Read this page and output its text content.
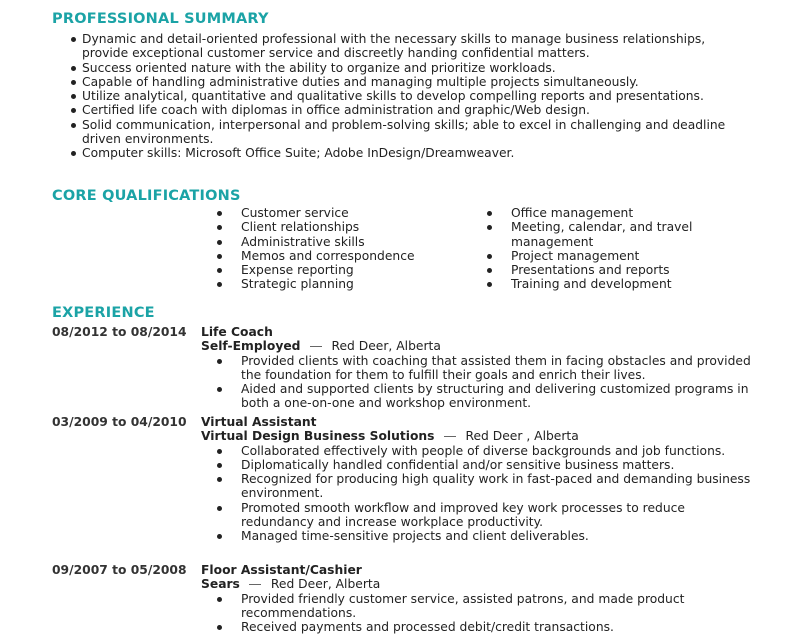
PROFESSIONAL SUMMARY
Dynamic and detail-oriented professional with the necessary skills to manage business relationships, provide exceptional customer service and discreetly handing confidential matters.
Success oriented nature with the ability to organize and prioritize workloads.
Capable of handling administrative duties and managing multiple projects simultaneously.
Utilize analytical, quantitative and qualitative skills to develop compelling reports and presentations.
Certified life coach with diplomas in office administration and graphic/Web design.
Solid communication, interpersonal and problem-solving skills; able to excel in challenging and deadline driven environments.
Computer skills: Microsoft Office Suite; Adobe InDesign/Dreamweaver.
CORE QUALIFICATIONS
Customer service
Client relationships
Administrative skills
Memos and correspondence
Expense reporting
Strategic planning
Office management
Meeting, calendar, and travel management
Project management
Presentations and reports
Training and development
EXPERIENCE
08/2012 to 08/2014 Life Coach
Self-Employed	Red Deer, Alberta
Provided clients with coaching that assisted them in facing obstacles and provided the foundation for them to fulfill their goals and enrich their lives.
Aided and supported clients by structuring and delivering customized programs in both a one-on-one and workshop environment.
03/2009 to 04/2010 Virtual Assistant
Virtual Design Business Solutions	Red Deer , Alberta
Collaborated effectively with people of diverse backgrounds and job functions.
Diplomatically handled confidential and/or sensitive business matters.
Recognized for producing high quality work in fast-paced and demanding business environment.
Promoted smooth workflow and improved key work processes to reduce redundancy and increase workplace productivity.
Managed time-sensitive projects and client deliverables.
09/2007 to 05/2008 Floor Assistant/Cashier
Sears	Red Deer, Alberta
Provided friendly customer service, assisted patrons, and made product recommendations.
Received payments and processed debit/credit transactions.
